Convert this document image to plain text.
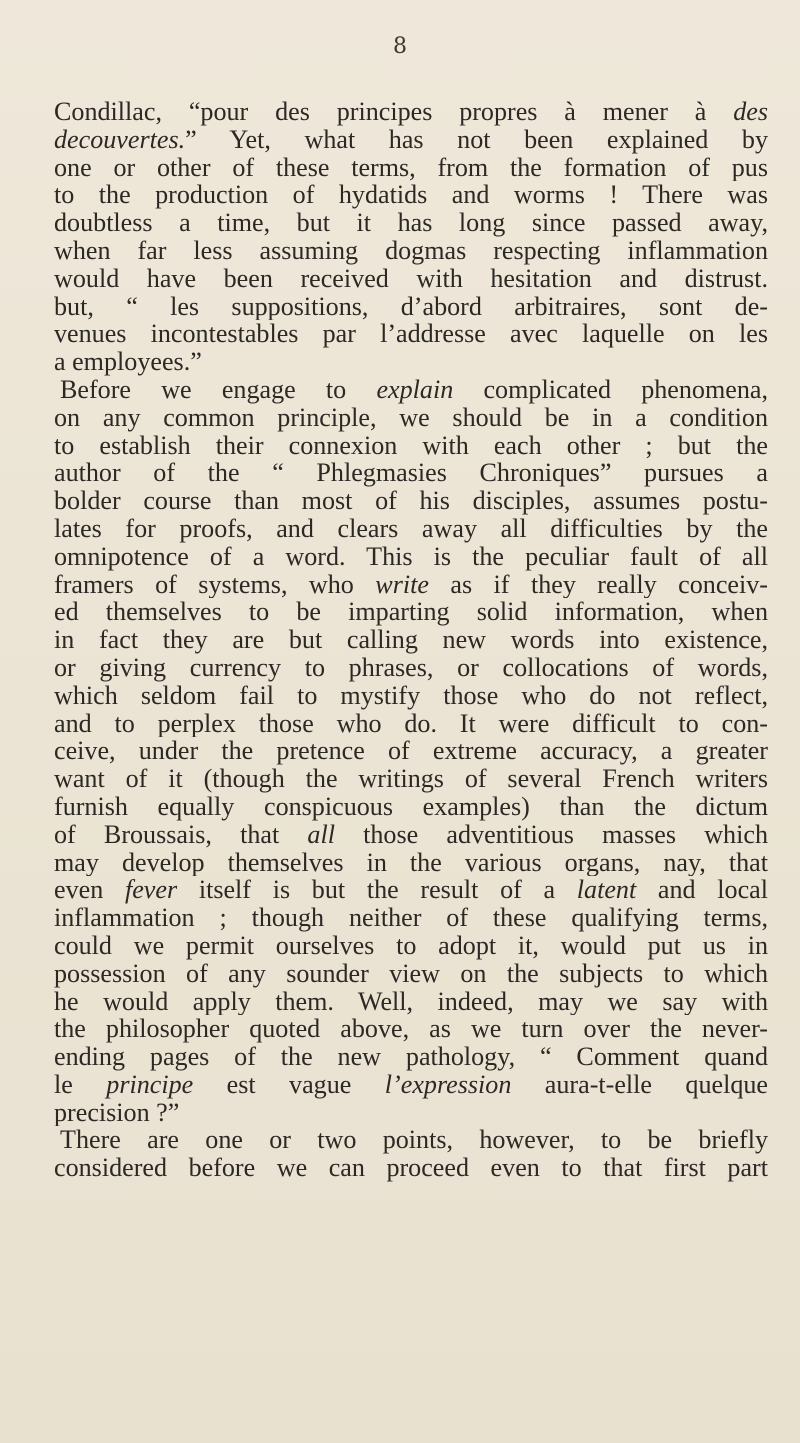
8
Condillac, “pour des principes propres à mener à des
decouvertes.” Yet, what has not been explained by
one or other of these terms, from the formation of pus
to the production of hydatids and worms ! There was
doubtless a time, but it has long since passed away,
when far less assuming dogmas respecting inflammation
would have been received with hesitation and distrust.
but, “ les suppositions, d’abord arbitraires, sont de-
venues incontestables par l’addresse avec laquelle on les
a employees.”
Before we engage to explain complicated phenomena,
on any common principle, we should be in a condition
to establish their connexion with each other ; but the
author of the “ Phlegmasies Chroniques” pursues a
bolder course than most of his disciples, assumes postu-
lates for proofs, and clears away all difficulties by the
omnipotence of a word. This is the peculiar fault of all
framers of systems, who write as if they really conceiv-
ed themselves to be imparting solid information, when
in fact they are but calling new words into existence,
or giving currency to phrases, or collocations of words,
which seldom fail to mystify those who do not reflect,
and to perplex those who do. It were difficult to con-
ceive, under the pretence of extreme accuracy, a greater
want of it (though the writings of several French writers
furnish equally conspicuous examples) than the dictum
of Broussais, that all those adventitious masses which
may develop themselves in the various organs, nay, that
even fever itself is but the result of a latent and local
inflammation ; though neither of these qualifying terms,
could we permit ourselves to adopt it, would put us in
possession of any sounder view on the subjects to which
he would apply them. Well, indeed, may we say with
the philosopher quoted above, as we turn over the never-
ending pages of the new pathology, “ Comment quand
le principe est vague l’expression aura-t-elle quelque
precision ?”
There are one or two points, however, to be briefly
considered before we can proceed even to that first part
